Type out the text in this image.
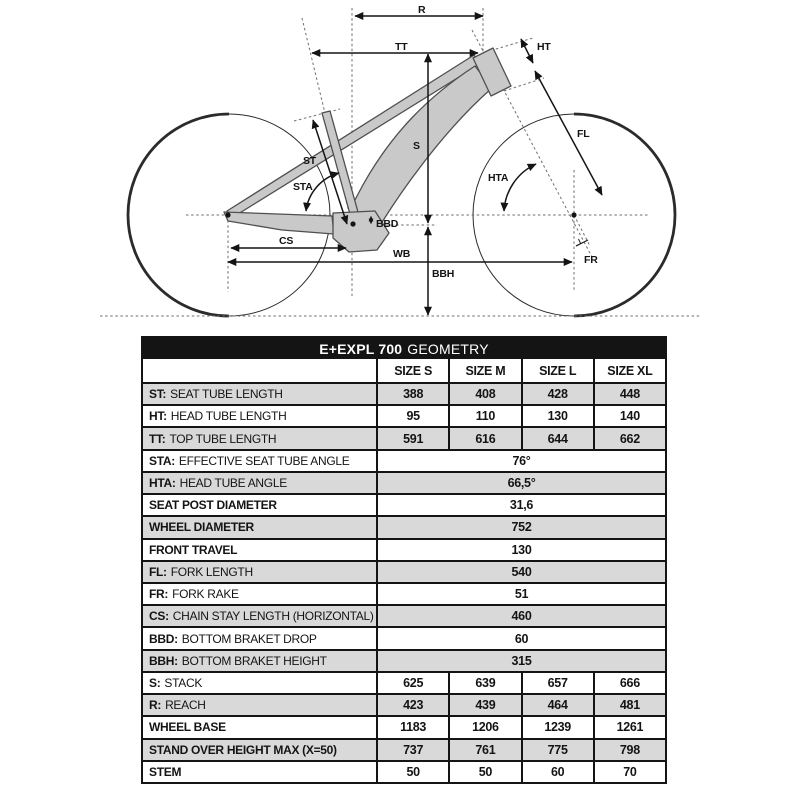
R
TT	HT
FL
HTA
S
ST
STA
BBD
CS
WB
BBH
FR
E+EXPL 700 GEOMETRY
SIZE S	SIZE M	SIZE L	SIZE XL
ST: SEAT TUBE LENGTH	388	408	428	448
HT: HEAD TUBE LENGTH	95	110	130	140
TT: TOP TUBE LENGTH	591	616	644	662
STA: EFFECTIVE SEAT TUBE ANGLE	76°
HTA: HEAD TUBE ANGLE	66,5°
SEAT POST DIAMETER	31,6
WHEEL DIAMETER	752
FRONT TRAVEL	130
FL: FORK LENGTH	540
FR: FORK RAKE	51
CS: CHAIN STAY LENGTH (HORIZONTAL)	460
BBD: BOTTOM BRAKET DROP	60
BBH: BOTTOM BRAKET HEIGHT	315
S: STACK	625	639	657	666
R: REACH	423	439	464	481
WHEEL BASE	1183	1206	1239	1261
STAND OVER HEIGHT MAX (X=50)	737	761	775	798
STEM	50	50	60	70
